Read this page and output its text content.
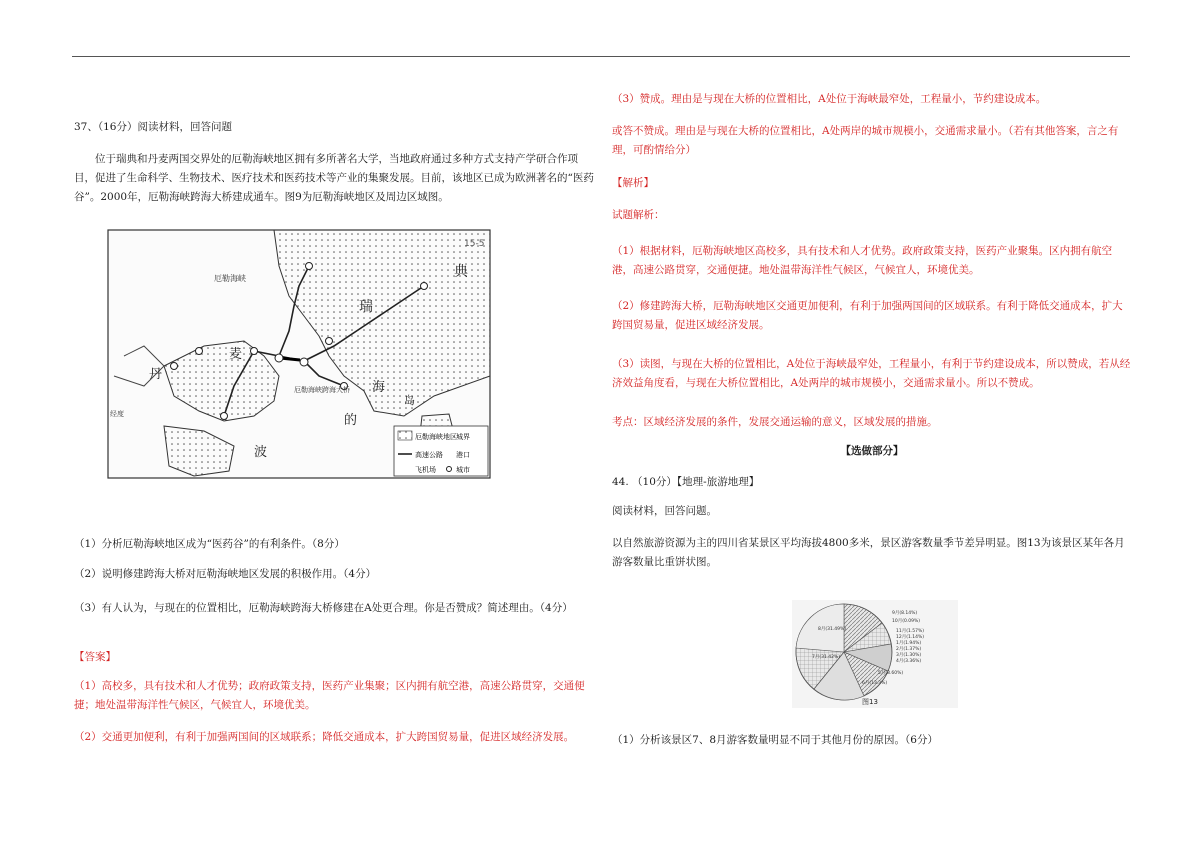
37、（16分）阅读材料，回答问题

位于瑞典和丹麦两国交界处的厄勒海峡地区拥有多所著名大学，当地政府通过多种方式支持产学研合作项目，促进了生命科学、生物技术、医疗技术和医药技术等产业的集聚发展。目前，该地区已成为欧洲著名的“医药谷”。2000年，厄勒海峡跨海大桥建成通车。图9为厄勒海峡地区及周边区域图。

15-5
典
瑞
丹
麦
海
的
波
厄勒海峡
厄勒海峡跨海大桥
岛
经度
厄勒海峡地区 城界
高速公路 港口
飞机场	城市

（1）分析厄勒海峡地区成为“医药谷”的有利条件。（8分）

（2）说明修建跨海大桥对厄勒海峡地区发展的积极作用。（4分）

（3）有人认为，与现在的位置相比，厄勒海峡跨海大桥修建在A处更合理。你是否赞成？简述理由。（4分）

【答案】

（1）高校多，具有技术和人才优势；政府政策支持，医药产业集聚；区内拥有航空港，高速公路贯穿，交通便捷；地处温带海洋性气候区，气候宜人，环境优美。

（2）交通更加便利，有利于加强两国间的区域联系；降低交通成本，扩大跨国贸易量，促进区域经济发展。

（3）赞成。理由是与现在大桥的位置相比，A处位于海峡最窄处，工程量小，节约建设成本。

或答不赞成。理由是与现在大桥的位置相比，A处两岸的城市规模小，交通需求量小。（若有其他答案，言之有理，可酌情给分）

【解析】

试题解析：

（1）根据材料，厄勒海峡地区高校多，具有技术和人才优势。政府政策支持，医药产业聚集。区内拥有航空港，高速公路贯穿，交通便捷。地处温带海洋性气候区，气候宜人，环境优美。

（2）修建跨海大桥，厄勒海峡地区交通更加便利，有利于加强两国间的区域联系。有利于降低交通成本，扩大跨国贸易量，促进区域经济发展。

（3）读图，与现在大桥的位置相比，A处位于海峡最窄处，工程量小，有利于节约建设成本，所以赞成，若从经济效益角度看，与现在大桥位置相比，A处两岸的城市规模小，交通需求量小。所以不赞成。

考点：区域经济发展的条件，发展交通运输的意义，区域发展的措施。

【选做部分】

44. （10分）【地理-旅游地理】

阅读材料，回答问题。

以自然旅游资源为主的四川省某景区平均海拔4800多米，景区游客数量季节差异明显。图13为该景区某年各月游客数量比重饼状图。

9月(8.14%)
10月(0.09%)
11月(1.57%)
12月(1.14%)
1月(1.94%)
2月(1.37%)
3月(1.30%)
4月(3.36%)
5月(8.60%)
6月(13.3%)
7月(31.42%)
8月(31.49%)
图13

（1）分析该景区7、8月游客数量明显不同于其他月份的原因。（6分）
